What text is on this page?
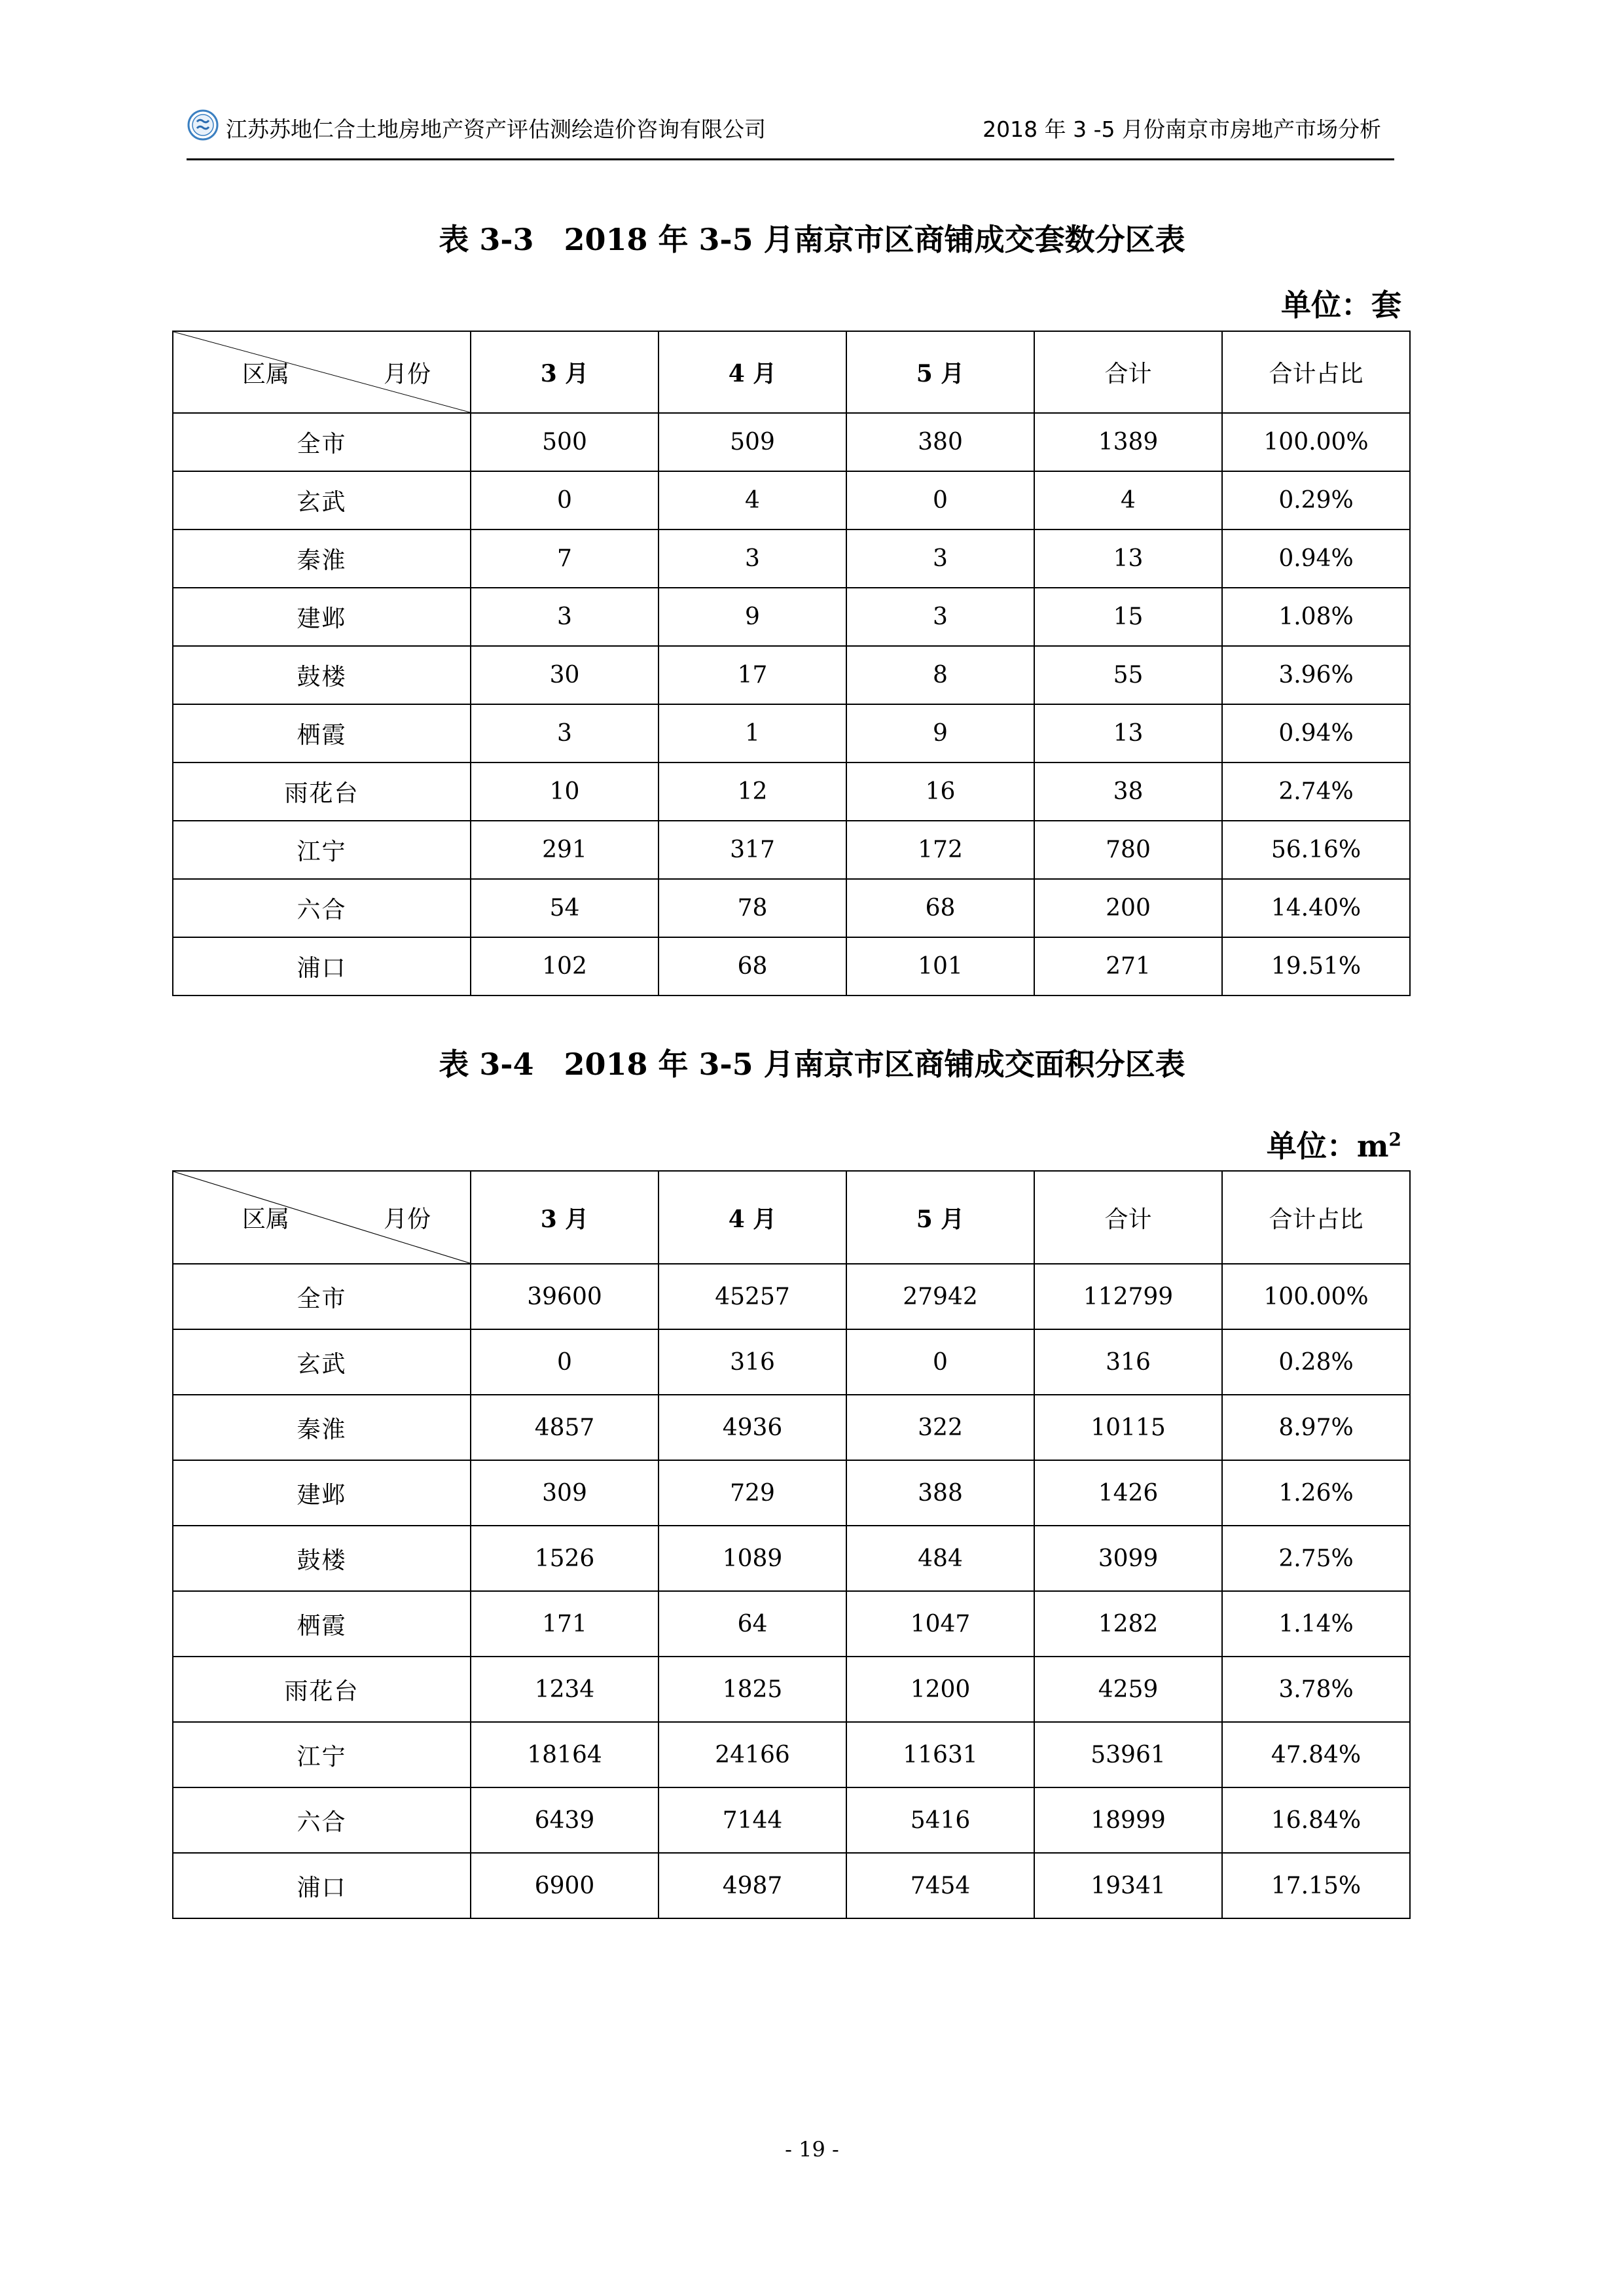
江苏苏地仁合土地房地产资产评估测绘造价咨询有限公司	2018 年 3 -5 月份南京市房地产市场分析
表 3-3　2018 年 3-5 月南京市区商铺成交套数分区表
单位：套
区属 月份	3 月	4 月	5 月	合计	合计占比
全市	500	509	380	1389	100.00%
玄武	0	4	0	4	0.29%
秦淮	7	3	3	13	0.94%
建邺	3	9	3	15	1.08%
鼓楼	30	17	8	55	3.96%
栖霞	3	1	9	13	0.94%
雨花台	10	12	16	38	2.74%
江宁	291	317	172	780	56.16%
六合	54	78	68	200	14.40%
浦口	102	68	101	271	19.51%
表 3-4　2018 年 3-5 月南京市区商铺成交面积分区表
单位：$m^2$
区属 月份	3 月	4 月	5 月	合计	合计占比
全市	39600	45257	27942	112799	100.00%
玄武	0	316	0	316	0.28%
秦淮	4857	4936	322	10115	8.97%
建邺	309	729	388	1426	1.26%
鼓楼	1526	1089	484	3099	2.75%
栖霞	171	64	1047	1282	1.14%
雨花台	1234	1825	1200	4259	3.78%
江宁	18164	24166	11631	53961	47.84%
六合	6439	7144	5416	18999	16.84%
浦口	6900	4987	7454	19341	17.15%
- 19 -
